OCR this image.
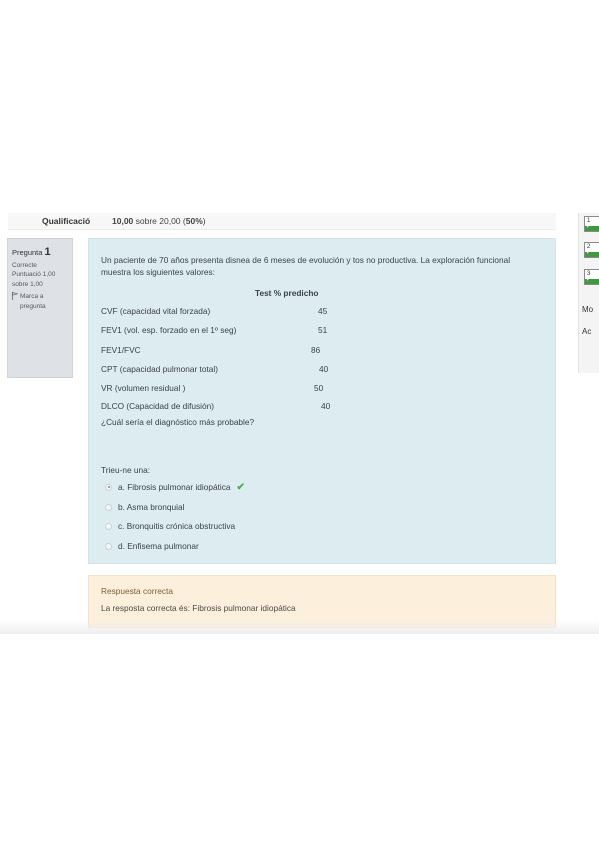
Qualificació	10,00 sobre 20,00 (50%)
Pregunta 1
Correcte
Puntuació 1,00
sobre 1,00
Marca a pregunta
Un paciente de 70 años presenta disnea de 6 meses de evolución y tos no productiva. La exploración funcional muestra los siguientes valores:
Test % predicho
CVF (capacidad vital forzada)	45
FEV1 (vol. esp. forzado en el 1º seg)	51
FEV1/FVC	86
CPT (capacidad pulmonar total)	40
VR (volumen residual )	50
DLCO (Capacidad de difusión)	40
¿Cuál sería el diagnóstico más probable?
Trieu-ne una:
a. Fibrosis pulmonar idiopática ✔
b. Asma bronquial
c. Bronquitis crónica obstructiva
d. Enfisema pulmonar
Respuesta correcta
La resposta correcta és: Fibrosis pulmonar idiopática
1
✓
2
✓
3
✓
Mo
Ac
